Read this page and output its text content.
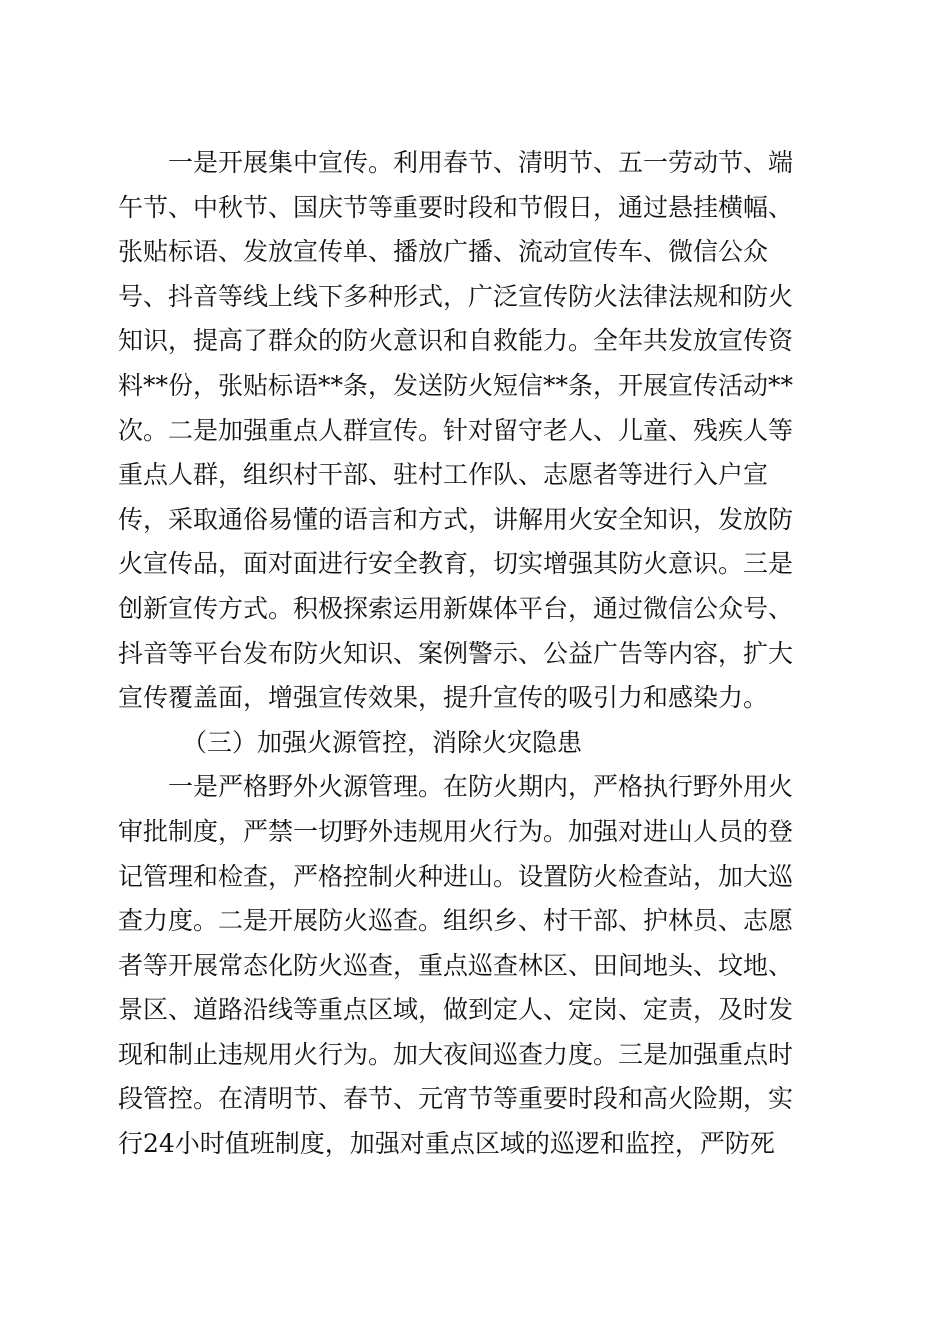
一是开展集中宣传。利用春节、清明节、五一劳动节、端
午节、中秋节、国庆节等重要时段和节假日，通过悬挂横幅、
张贴标语、发放宣传单、播放广播、流动宣传车、微信公众
号、抖音等线上线下多种形式，广泛宣传防火法律法规和防火
知识，提高了群众的防火意识和自救能力。全年共发放宣传资
料**份，张贴标语**条，发送防火短信**条，开展宣传活动**
次。二是加强重点人群宣传。针对留守老人、儿童、残疾人等
重点人群，组织村干部、驻村工作队、志愿者等进行入户宣
传，采取通俗易懂的语言和方式，讲解用火安全知识，发放防
火宣传品，面对面进行安全教育，切实增强其防火意识。三是
创新宣传方式。积极探索运用新媒体平台，通过微信公众号、
抖音等平台发布防火知识、案例警示、公益广告等内容，扩大
宣传覆盖面，增强宣传效果，提升宣传的吸引力和感染力。
（三）加强火源管控，消除火灾隐患
一是严格野外火源管理。在防火期内，严格执行野外用火
审批制度，严禁一切野外违规用火行为。加强对进山人员的登
记管理和检查，严格控制火种进山。设置防火检查站，加大巡
查力度。二是开展防火巡查。组织乡、村干部、护林员、志愿
者等开展常态化防火巡查，重点巡查林区、田间地头、坟地、
景区、道路沿线等重点区域，做到定人、定岗、定责，及时发
现和制止违规用火行为。加大夜间巡查力度。三是加强重点时
段管控。在清明节、春节、元宵节等重要时段和高火险期，实
行24小时值班制度，加强对重点区域的巡逻和监控，严防死
